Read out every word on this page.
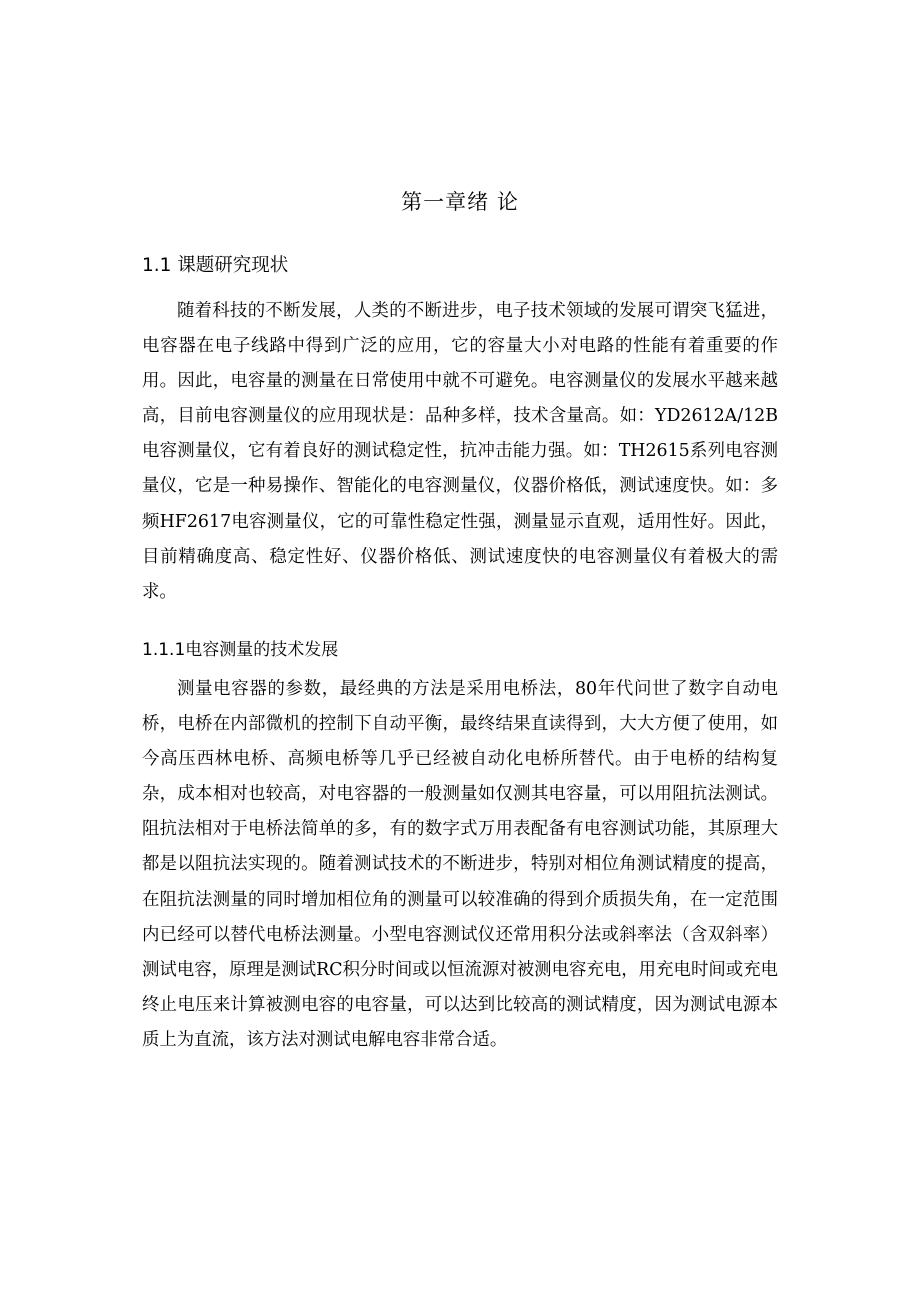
第一章绪 论
1.1 课题研究现状

随着科技的不断发展，人类的不断进步，电子技术领域的发展可谓突飞猛进，电容器在电子线路中得到广泛的应用，它的容量大小对电路的性能有着重要的作用。因此，电容量的测量在日常使用中就不可避免。电容测量仪的发展水平越来越高，目前电容测量仪的应用现状是：品种多样，技术含量高。如：YD2612A/12B电容测量仪，它有着良好的测试稳定性，抗冲击能力强。如：TH2615系列电容测量仪，它是一种易操作、智能化的电容测量仪，仪器价格低，测试速度快。如：多频HF2617电容测量仪，它的可靠性稳定性强，测量显示直观，适用性好。因此，目前精确度高、稳定性好、仪器价格低、测试速度快的电容测量仪有着极大的需求。

1.1.1电容测量的技术发展

测量电容器的参数，最经典的方法是采用电桥法，80年代问世了数字自动电桥，电桥在内部微机的控制下自动平衡，最终结果直读得到，大大方便了使用，如今高压西林电桥、高频电桥等几乎已经被自动化电桥所替代。由于电桥的结构复杂，成本相对也较高，对电容器的一般测量如仅测其电容量，可以用阻抗法测试。阻抗法相对于电桥法简单的多，有的数字式万用表配备有电容测试功能，其原理大都是以阻抗法实现的。随着测试技术的不断进步，特别对相位角测试精度的提高，在阻抗法测量的同时增加相位角的测量可以较准确的得到介质损失角，在一定范围内已经可以替代电桥法测量。小型电容测试仪还常用积分法或斜率法（含双斜率）测试电容，原理是测试RC积分时间或以恒流源对被测电容充电，用充电时间或充电终止电压来计算被测电容的电容量，可以达到比较高的测试精度，因为测试电源本质上为直流，该方法对测试电解电容非常合适。
